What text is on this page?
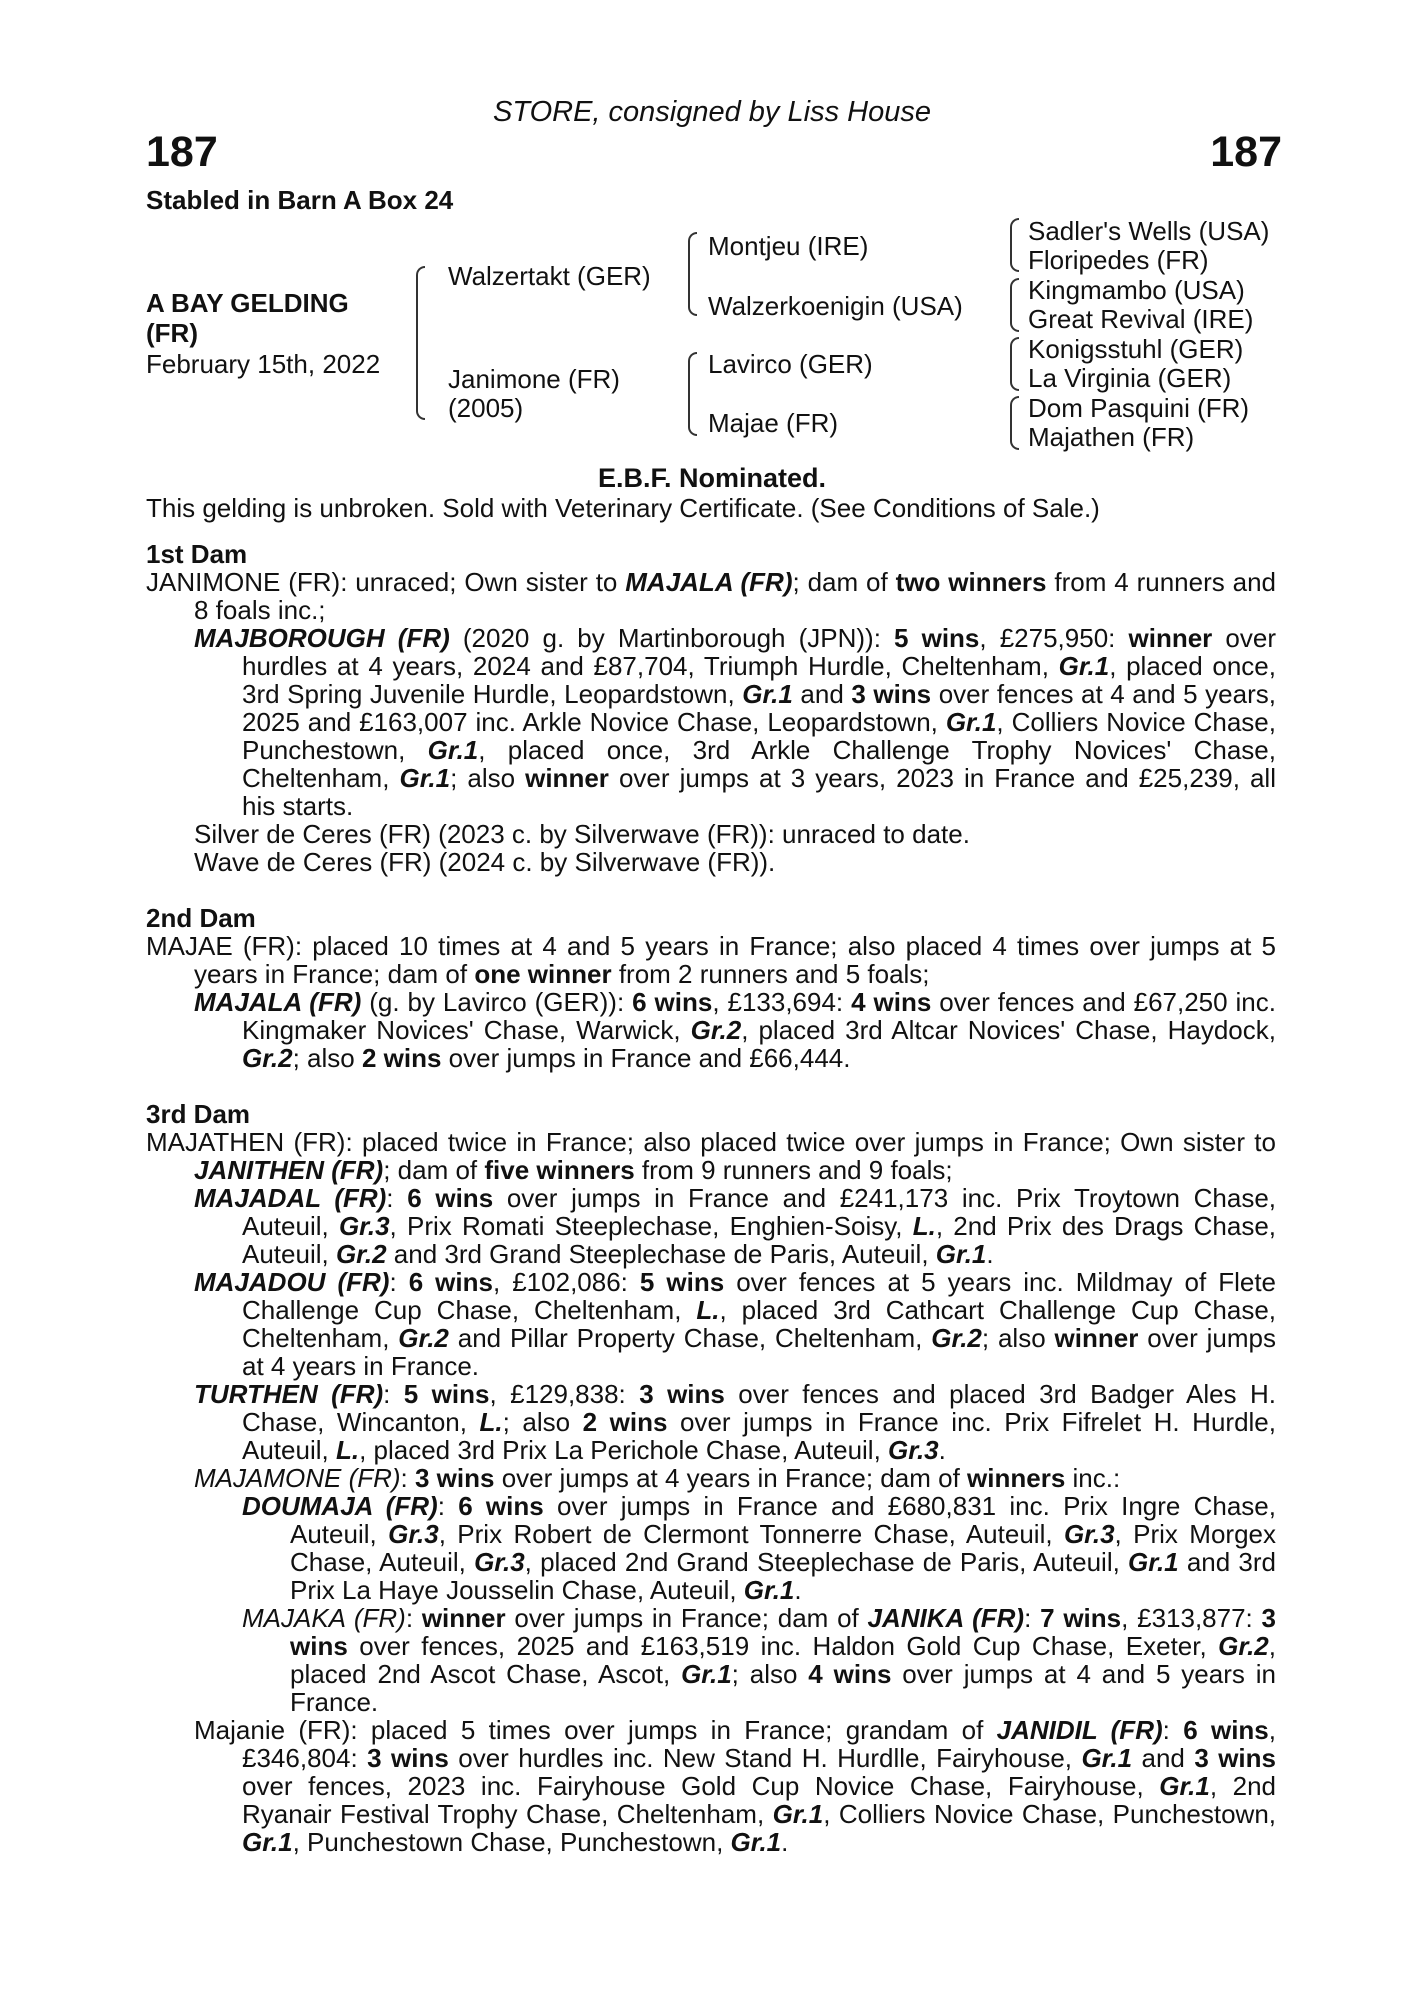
STORE, consigned by Liss House
187	187
Stabled in Barn A Box 24
A BAY GELDING
(FR)
February 15th, 2022
Walzertakt (GER)
Janimone (FR)
(2005)
Montjeu (IRE)
Walzerkoenigin (USA)
Lavirco (GER)
Majae (FR)
Sadler's Wells (USA)
Floripedes (FR)
Kingmambo (USA)
Great Revival (IRE)
Konigsstuhl (GER)
La Virginia (GER)
Dom Pasquini (FR)
Majathen (FR)
E.B.F. Nominated.
This gelding is unbroken. Sold with Veterinary Certificate. (See Conditions of Sale.)
1st Dam
JANIMONE (FR): unraced; Own sister to MAJALA (FR); dam of two winners from 4 runners and 8 foals inc.;
MAJBOROUGH (FR) (2020 g. by Martinborough (JPN)): 5 wins, £275,950: winner over hurdles at 4 years, 2024 and £87,704, Triumph Hurdle, Cheltenham, Gr.1, placed once, 3rd Spring Juvenile Hurdle, Leopardstown, Gr.1 and 3 wins over fences at 4 and 5 years, 2025 and £163,007 inc. Arkle Novice Chase, Leopardstown, Gr.1, Colliers Novice Chase, Punchestown, Gr.1, placed once, 3rd Arkle Challenge Trophy Novices' Chase, Cheltenham, Gr.1; also winner over jumps at 3 years, 2023 in France and £25,239, all his starts.
Silver de Ceres (FR) (2023 c. by Silverwave (FR)): unraced to date.
Wave de Ceres (FR) (2024 c. by Silverwave (FR)).
2nd Dam
MAJAE (FR): placed 10 times at 4 and 5 years in France; also placed 4 times over jumps at 5 years in France; dam of one winner from 2 runners and 5 foals;
MAJALA (FR) (g. by Lavirco (GER)): 6 wins, £133,694: 4 wins over fences and £67,250 inc. Kingmaker Novices' Chase, Warwick, Gr.2, placed 3rd Altcar Novices' Chase, Haydock, Gr.2; also 2 wins over jumps in France and £66,444.
3rd Dam
MAJATHEN (FR): placed twice in France; also placed twice over jumps in France; Own sister to JANITHEN (FR); dam of five winners from 9 runners and 9 foals;
MAJADAL (FR): 6 wins over jumps in France and £241,173 inc. Prix Troytown Chase, Auteuil, Gr.3, Prix Romati Steeplechase, Enghien-Soisy, L., 2nd Prix des Drags Chase, Auteuil, Gr.2 and 3rd Grand Steeplechase de Paris, Auteuil, Gr.1.
MAJADOU (FR): 6 wins, £102,086: 5 wins over fences at 5 years inc. Mildmay of Flete Challenge Cup Chase, Cheltenham, L., placed 3rd Cathcart Challenge Cup Chase, Cheltenham, Gr.2 and Pillar Property Chase, Cheltenham, Gr.2; also winner over jumps at 4 years in France.
TURTHEN (FR): 5 wins, £129,838: 3 wins over fences and placed 3rd Badger Ales H. Chase, Wincanton, L.; also 2 wins over jumps in France inc. Prix Fifrelet H. Hurdle, Auteuil, L., placed 3rd Prix La Perichole Chase, Auteuil, Gr.3.
MAJAMONE (FR): 3 wins over jumps at 4 years in France; dam of winners inc.:
DOUMAJA (FR): 6 wins over jumps in France and £680,831 inc. Prix Ingre Chase, Auteuil, Gr.3, Prix Robert de Clermont Tonnerre Chase, Auteuil, Gr.3, Prix Morgex Chase, Auteuil, Gr.3, placed 2nd Grand Steeplechase de Paris, Auteuil, Gr.1 and 3rd Prix La Haye Jousselin Chase, Auteuil, Gr.1.
MAJAKA (FR): winner over jumps in France; dam of JANIKA (FR): 7 wins, £313,877: 3 wins over fences, 2025 and £163,519 inc. Haldon Gold Cup Chase, Exeter, Gr.2, placed 2nd Ascot Chase, Ascot, Gr.1; also 4 wins over jumps at 4 and 5 years in France.
Majanie (FR): placed 5 times over jumps in France; grandam of JANIDIL (FR): 6 wins, £346,804: 3 wins over hurdles inc. New Stand H. Hurdlle, Fairyhouse, Gr.1 and 3 wins over fences, 2023 inc. Fairyhouse Gold Cup Novice Chase, Fairyhouse, Gr.1, 2nd Ryanair Festival Trophy Chase, Cheltenham, Gr.1, Colliers Novice Chase, Punchestown, Gr.1, Punchestown Chase, Punchestown, Gr.1.
